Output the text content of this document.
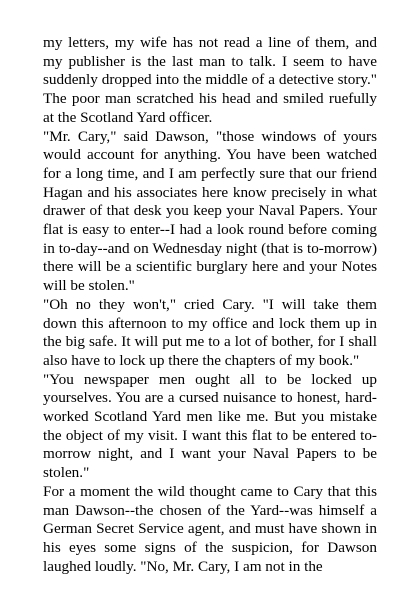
my letters, my wife has not read a line of them, and my publisher is the last man to talk. I seem to have suddenly dropped into the middle of a detective story." The poor man scratched his head and smiled ruefully at the Scotland Yard officer.

"Mr. Cary," said Dawson, "those windows of yours would account for anything. You have been watched for a long time, and I am perfectly sure that our friend Hagan and his associates here know precisely in what drawer of that desk you keep your Naval Papers. Your flat is easy to enter--I had a look round before coming in to-day--and on Wednesday night (that is to-morrow) there will be a scientific burglary here and your Notes will be stolen."

"Oh no they won't," cried Cary. "I will take them down this afternoon to my office and lock them up in the big safe. It will put me to a lot of bother, for I shall also have to lock up there the chapters of my book."

"You newspaper men ought all to be locked up yourselves. You are a cursed nuisance to honest, hard-worked Scotland Yard men like me. But you mistake the object of my visit. I want this flat to be entered to-morrow night, and I want your Naval Papers to be stolen."

For a moment the wild thought came to Cary that this man Dawson--the chosen of the Yard--was himself a German Secret Service agent, and must have shown in his eyes some signs of the suspicion, for Dawson laughed loudly. "No, Mr. Cary, I am not in the
